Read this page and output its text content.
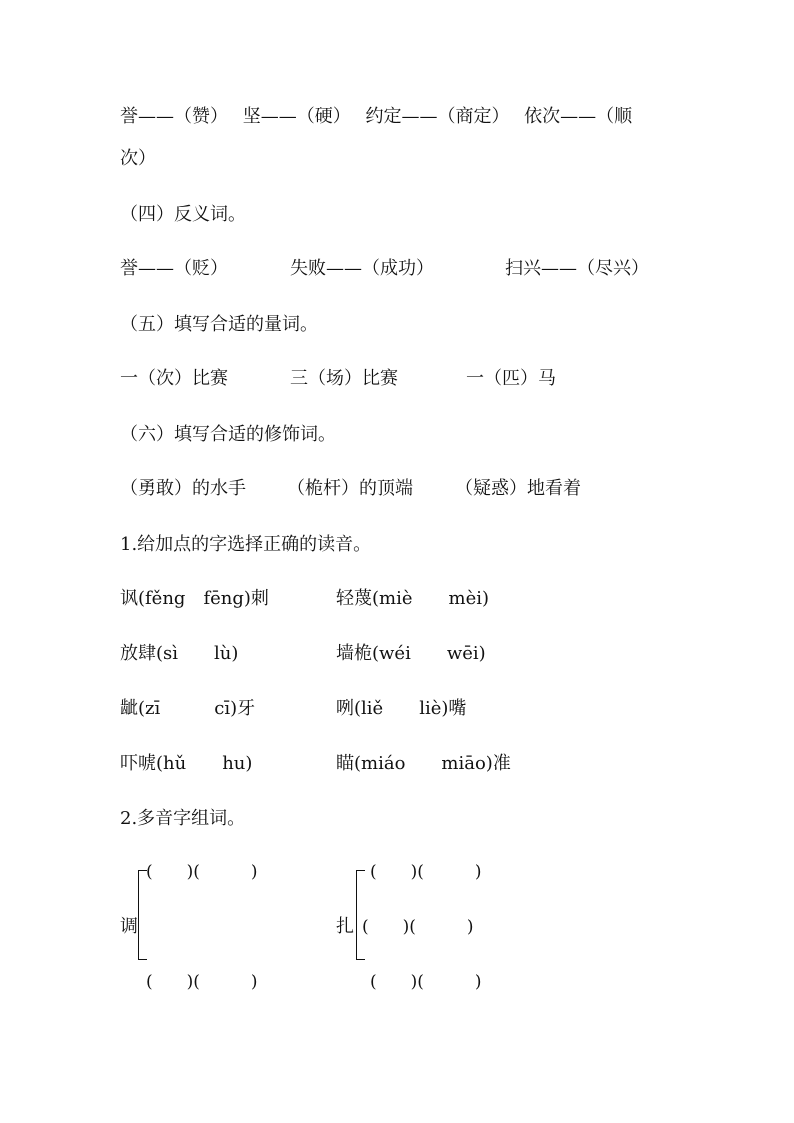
誉——（赞）　 坚——（硬）　 约定——（商定）　 依次——（顺
次）
（四）反义词。
誉——（贬）	失败——（成功）	扫兴——（尽兴）
（五）填写合适的量词。
一（次）比赛	三（场）比赛	一（匹）马
（六）填写合适的修饰词。
（勇敢）的水手 （桅杆）的顶端 （疑惑）地看着
1.给加点的字选择正确的读音。
讽(fěng　fēng)刺	轻蔑(miè　　mèi)
放肆(sì　　lù)	墙桅(wéi　　wēi)
龇(zī　　　cī)牙	咧(liě　　liè)嘴
吓唬(hǔ　　hu)	瞄(miáo　　miāo)准
2.多音字组词。
调
(　　)(　　　)
(　　)(　　　)
扎
(　　)(　　　)
(　　)(　　　)
(　　)(　　　)
